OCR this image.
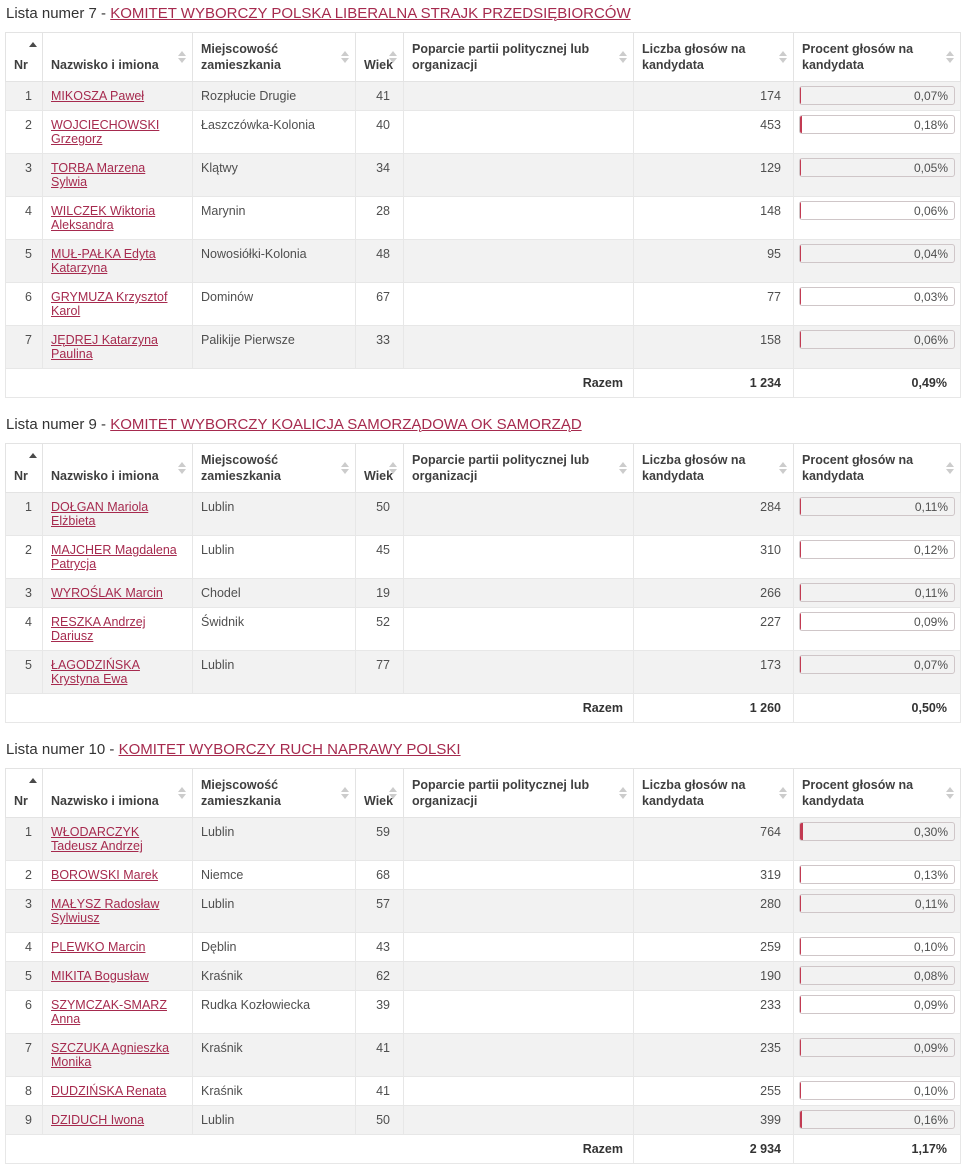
Lista numer 7 - KOMITET WYBORCZY POLSKA LIBERALNA STRAJK PRZEDSIĘBIORCÓW
Nr	Nazwisko i imiona	Miejscowość zamieszkania	Wiek	Poparcie partii politycznej lub organizacji	Liczba głosów na kandydata	Procent głosów na kandydata

1	MIKOSZA Paweł	Rozpłucie Drugie	41		174	0,07%

2	WOJCIECHOWSKI Grzegorz	Łaszczówka-Kolonia	40		453	0,18%

3	TORBA Marzena Sylwia	Klątwy	34		129	0,05%

4	WILCZEK Wiktoria Aleksandra	Marynin	28		148	0,06%

5	MUŁ-PAŁKA Edyta Katarzyna	Nowosiółki-Kolonia	48		95	0,04%

6	GRYMUZA Krzysztof Karol	Dominów	67		77	0,03%

7	JĘDREJ Katarzyna Paulina	Palikije Pierwsze	33		158	0,06%

Razem					1 234	0,49%
Lista numer 9 - KOMITET WYBORCZY KOALICJA SAMORZĄDOWA OK SAMORZĄD
Nr	Nazwisko i imiona	Miejscowość zamieszkania	Wiek	Poparcie partii politycznej lub organizacji	Liczba głosów na kandydata	Procent głosów na kandydata

1	DOŁGAN Mariola Elżbieta	Lublin	50		284	0,11%

2	MAJCHER Magdalena Patrycja	Lublin	45		310	0,12%

3	WYROŚLAK Marcin	Chodel	19		266	0,11%

4	RESZKA Andrzej Dariusz	Świdnik	52		227	0,09%

5	ŁAGODZIŃSKA Krystyna Ewa	Lublin	77		173	0,07%

Razem					1 260	0,50%
Lista numer 10 - KOMITET WYBORCZY RUCH NAPRAWY POLSKI
Nr	Nazwisko i imiona	Miejscowość zamieszkania	Wiek	Poparcie partii politycznej lub organizacji	Liczba głosów na kandydata	Procent głosów na kandydata

1	WŁODARCZYK Tadeusz Andrzej	Lublin	59		764	0,30%

2	BOROWSKI Marek	Niemce	68		319	0,13%

3	MAŁYSZ Radosław Sylwiusz	Lublin	57		280	0,11%

4	PLEWKO Marcin	Dęblin	43		259	0,10%

5	MIKITA Bogusław	Kraśnik	62		190	0,08%

6	SZYMCZAK-SMARZ Anna	Rudka Kozłowiecka	39		233	0,09%

7	SZCZUKA Agnieszka Monika	Kraśnik	41		235	0,09%

8	DUDZIŃSKA Renata	Kraśnik	41		255	0,10%

9	DZIDUCH Iwona	Lublin	50		399	0,16%

Razem					2 934	1,17%
